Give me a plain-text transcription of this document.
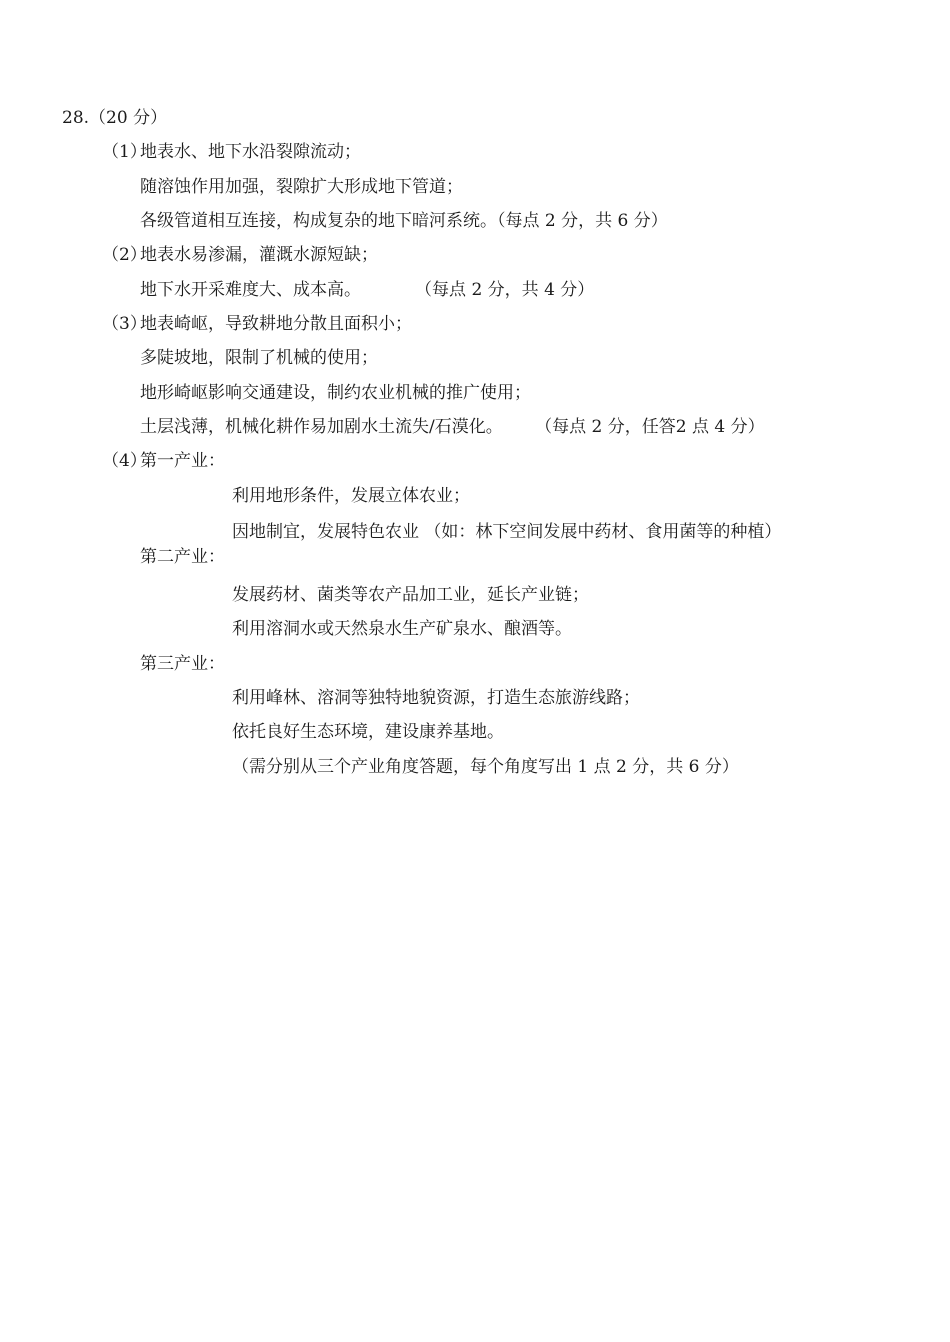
28.（20 分）
（1）
地表水、地下水沿裂隙流动；
随溶蚀作用加强，裂隙扩大形成地下管道；
各级管道相互连接，构成复杂的地下暗河系统。（每点 2 分，共 6 分）
（2）
地表水易渗漏，灌溉水源短缺；
地下水开采难度大、成本高。          （每点 2 分，共 4 分）
（3）
地表崎岖，导致耕地分散且面积小；
多陡坡地，限制了机械的使用；
地形崎岖影响交通建设，制约农业机械的推广使用；
土层浅薄，机械化耕作易加剧水土流失/石漠化。      （每点 2 分，任答2 点 4 分）
（4）
第一产业：
利用地形条件，发展立体农业；
因地制宜，发展特色农业 （如：林下空间发展中药材、食用菌等的种植）
第二产业：
发展药材、菌类等农产品加工业，延长产业链；
利用溶洞水或天然泉水生产矿泉水、酿酒等。
第三产业：
利用峰林、溶洞等独特地貌资源，打造生态旅游线路；
依托良好生态环境，建设康养基地。
（需分别从三个产业角度答题，每个角度写出 1 点 2 分，共 6 分）
